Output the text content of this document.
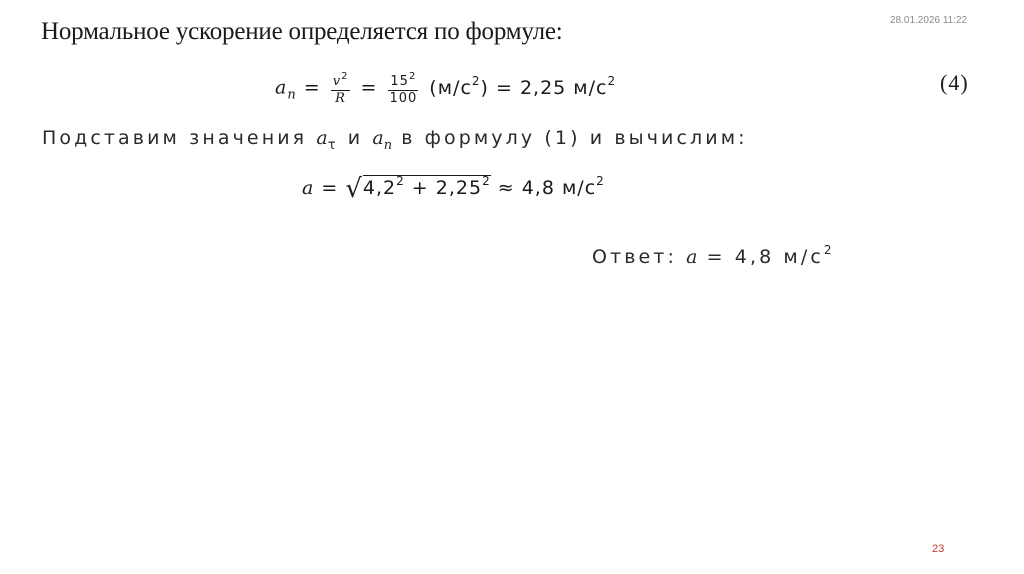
28.01.2026 11:22
Нормальное ускорение определяется по формуле:
$a_n = \frac{v^2}{R} = \frac{15^2}{100} (м/с^2) = 2,25$ $м/с^2$	(4)
Подставим значения $a_\tau$ и $a_n$ в формулу (1) и вычислим:
$a = √4,2^2 + 2,25^2 \approx 4,8$ $м/с^2$
Ответ: a = 4,8 $м/с^2$
23
